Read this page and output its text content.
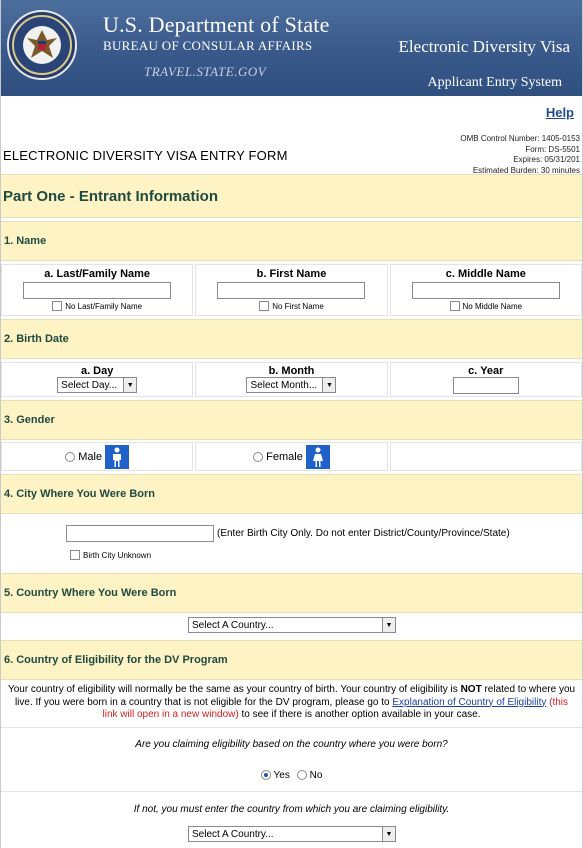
U.S. Department of State
BUREAU OF CONSULAR AFFAIRS
TRAVEL.STATE.GOV
Electronic Diversity Visa
Applicant Entry System
Help
ELECTRONIC DIVERSITY VISA ENTRY FORM
OMB Control Number: 1405-0153
Form: DS-5501
Expires: 05/31/201
Estimated Burden: 30 minutes
Part One - Entrant Information
1. Name
a. Last/Family Name
No Last/Family Name
b. First Name
No First Name
c. Middle Name
No Middle Name
2. Birth Date
a. Day
Select Day...	▼
b. Month
Select Month...	▼
c. Year
3. Gender
Male	Female
4. City Where You Were Born
(Enter Birth City Only. Do not enter District/County/Province/State)
Birth City Unknown
5. Country Where You Were Born
Select A Country...	▼
6. Country of Eligibility for the DV Program
Your country of eligibility will normally be the same as your country of birth. Your country of eligibility is NOT related to where you live. If you were born in a country that is not eligible for the DV program, please go to Explanation of Country of Eligibility (this link will open in a new window) to see if there is another option available in your case.
Are you claiming eligibility based on the country where you were born?
Yes No
If not, you must enter the country from which you are claiming eligibility.
Select A Country...	▼
